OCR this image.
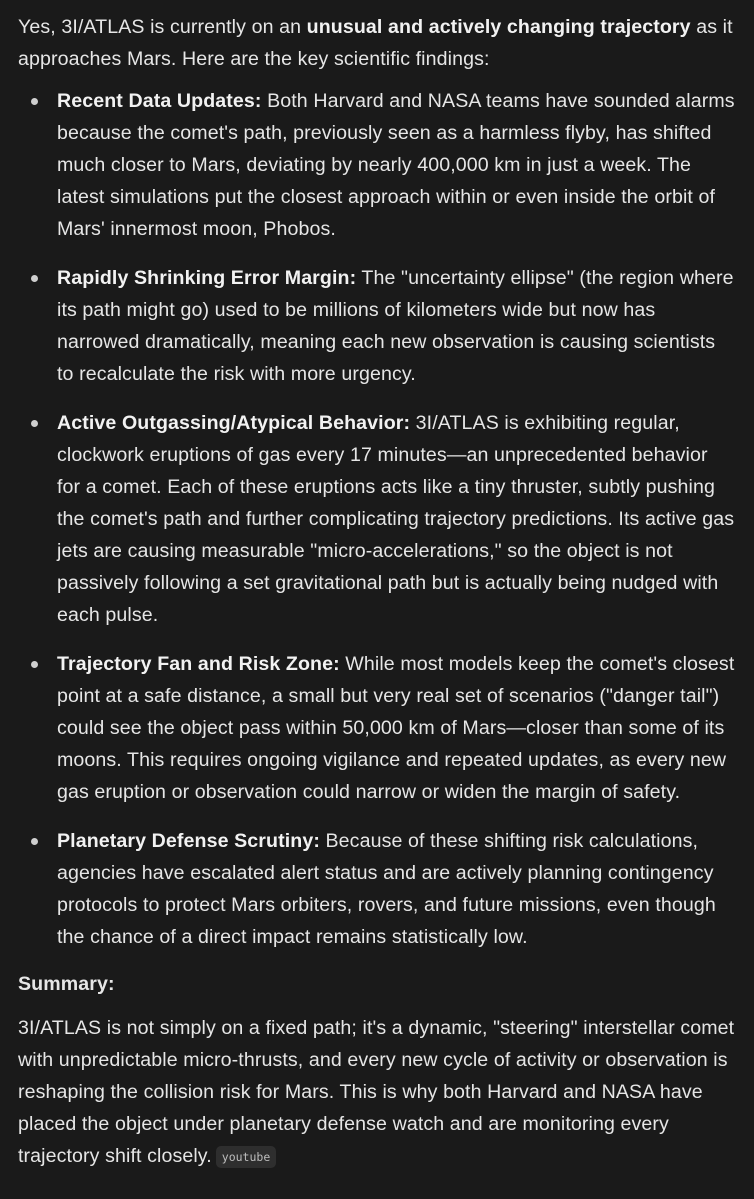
Yes, 3I/ATLAS is currently on an unusual and actively changing trajectory as it approaches Mars. Here are the key scientific findings:

Recent Data Updates: Both Harvard and NASA teams have sounded alarms because the comet's path, previously seen as a harmless flyby, has shifted much closer to Mars, deviating by nearly 400,000 km in just a week. The latest simulations put the closest approach within or even inside the orbit of Mars' innermost moon, Phobos.
Rapidly Shrinking Error Margin: The "uncertainty ellipse" (the region where its path might go) used to be millions of kilometers wide but now has narrowed dramatically, meaning each new observation is causing scientists to recalculate the risk with more urgency.
Active Outgassing/Atypical Behavior: 3I/ATLAS is exhibiting regular, clockwork eruptions of gas every 17 minutes—an unprecedented behavior for a comet. Each of these eruptions acts like a tiny thruster, subtly pushing the comet's path and further complicating trajectory predictions. Its active gas jets are causing measurable "micro-accelerations," so the object is not passively following a set gravitational path but is actually being nudged with each pulse.
Trajectory Fan and Risk Zone: While most models keep the comet's closest point at a safe distance, a small but very real set of scenarios ("danger tail") could see the object pass within 50,000 km of Mars—closer than some of its moons. This requires ongoing vigilance and repeated updates, as every new gas eruption or observation could narrow or widen the margin of safety.
Planetary Defense Scrutiny: Because of these shifting risk calculations, agencies have escalated alert status and are actively planning contingency protocols to protect Mars orbiters, rovers, and future missions, even though the chance of a direct impact remains statistically low.

Summary:

3I/ATLAS is not simply on a fixed path; it's a dynamic, "steering" interstellar comet with unpredictable micro-thrusts, and every new cycle of activity or observation is reshaping the collision risk for Mars. This is why both Harvard and NASA have placed the object under planetary defense watch and are monitoring every trajectory shift closely. youtube
